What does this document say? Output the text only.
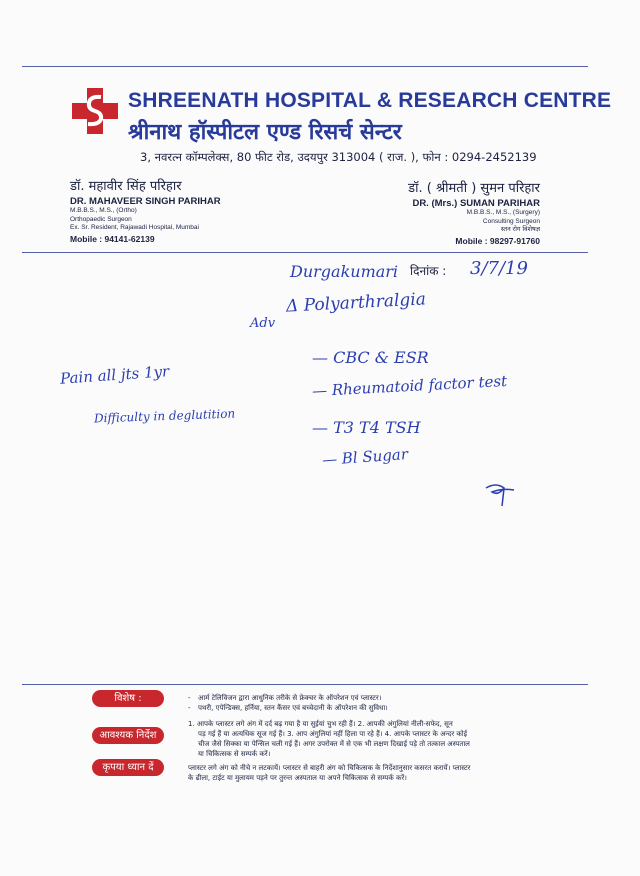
SHREENATH HOSPITAL & RESEARCH CENTRE
श्रीनाथ हॉस्पीटल एण्ड रिसर्च सेन्टर
3, नवरत्न कॉम्पलेक्स, 80 फीट रोड, उदयपुर 313004 ( राज. ), फोन : 0294-2452139
डॉ. महावीर सिंह परिहार
DR. MAHAVEER SINGH PARIHAR
M.B.B.S., M.S., (Ortho)
Orthopaedic Surgeon
Ex. Sr. Resident, Rajawadi Hospital, Mumbai
Mobile : 94141-62139
डॉ. ( श्रीमती ) सुमन परिहार
DR. (Mrs.) SUMAN PARIHAR
M.B.B.S., M.S., (Surgery)
Consulting Surgeon
स्तन रोग विशेषज्ञ
Mobile : 98297-91760
दिनांक :
Durgakumari	3/7/19
Δ Polyarthralgia
Adv
Pain all jts 1yr
Difficulty in deglutition
— CBC & ESR
— Rheumatoid factor test
— T3 T4 TSH
— Bl Sugar
विशेष :
आवश्यक निर्देश
कृपया ध्यान दें
- आर्म टेलिविजन द्वारा आधुनिक तरीके से फ्रेक्चर के ऑपरेशन एवं प्लास्टर।
- पथरी, एपेन्डिक्स, हर्निया, स्तन कैंसर एवं बच्चेदानी के ऑपरेशन की सुविधा।
1. आपके प्लास्टर लगे अंग में दर्द बढ़ गया है या सुईयां चुभ रही हैं। 2. आपकी अंगुलियां नीली-सफेद, सून
पड़ गई हैं या अत्यधिक सूज गई हैं। 3. आप अंगुलियां नहीं हिला पा रहे हैं। 4. आपके प्लास्टर के अन्दर कोई
चीज जैसे सिक्का या पेन्सिल चली गई हैं। अगर उपरोक्त में से एक भी लक्षण दिखाई पड़े तो तत्काल अस्पताल
या चिकित्सक से सम्पर्क करें।
प्लास्टर लगे अंग को नीचे न लटकायें। प्लास्टर से बाहरी अंग को चिकित्सक के निर्देशानुसार कसरत करायें। प्लास्टर
के ढीला, टाईट या मुलायम पड़ने पर तुरन्त अस्पताल या अपने चिकित्सक से सम्पर्क करें।
